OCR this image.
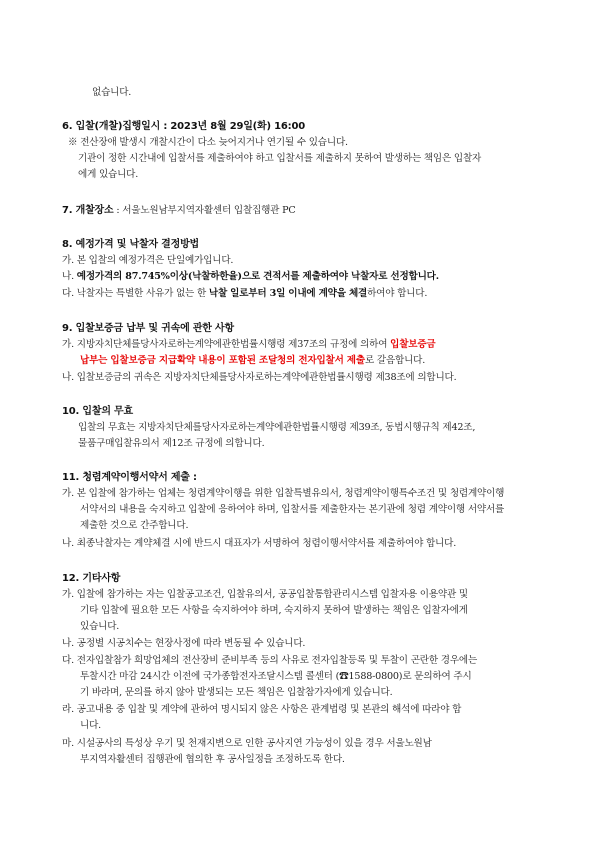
없습니다.
6. 입찰(개찰)집행일시 : 2023년 8월 29일(화) 16:00
※ 전산장애 발생시 개찰시간이 다소 늦어지거나 연기될 수 있습니다.
기관이 정한 시간내에 입찰서를 제출하여야 하고 입찰서를 제출하지 못하여 발생하는 책임은 입찰자
에게 있습니다.
7. 개찰장소 : 서울노원남부지역자활센터 입찰집행관 PC
8. 예정가격 및 낙찰자 결정방법
가. 본 입찰의 예정가격은 단일예가입니다.
나. 예정가격의 87.745%이상(낙찰하한율)으로 견적서를 제출하여야 낙찰자로 선정합니다.
다. 낙찰자는 특별한 사유가 없는 한 낙찰 일로부터 3일 이내에 계약을 체결하여야 합니다.
9. 입찰보증금 납부 및 귀속에 관한 사항
가. 지방자치단체를당사자로하는계약에관한법률시행령 제37조의 규정에 의하여 입찰보증금
납부는 입찰보증금 지급확약 내용이 포함된 조달청의 전자입찰서 제출로 갈음합니다.
나. 입찰보증금의 귀속은 지방자치단체를당사자로하는계약에관한법률시행령 제38조에 의합니다.
10. 입찰의 무효
입찰의 무효는 지방자치단체를당사자로하는계약에관한법률시행령 제39조, 동법시행규칙 제42조,
물품구매입찰유의서 제12조 규정에 의합니다.
11. 청렴계약이행서약서 제출 :
가. 본 입찰에 참가하는 업체는 청렴계약이행을 위한 입찰특별유의서, 청렴계약이행특수조건 및 청렴계약이행
서약서의 내용을 숙지하고 입찰에 응하여야 하며, 입찰서를 제출한자는 본기관에 청렴 계약이행 서약서를
제출한 것으로 간주합니다.
나. 최종낙찰자는 계약체결 시에 반드시 대표자가 서명하여 청렴이행서약서를 제출하여야 합니다.
12. 기타사항
가. 입찰에 참가하는 자는 입찰공고조건, 입찰유의서, 공공입찰통합관리시스템 입찰자용 이용약관 및
기타 입찰에 필요한 모든 사항을 숙지하여야 하며, 숙지하지 못하여 발생하는 책임은 입찰자에게
있습니다.
나. 공정별 시공치수는 현장사정에 따라 변동될 수 있습니다.
다. 전자입찰참가 희망업체의 전산장비 준비부족 등의 사유로 전자입찰등록 및 투찰이 곤란한 경우에는
투찰시간 마감 24시간 이전에 국가종합전자조달시스템 콜센터 (☎1588-0800)로 문의하여 주시
기 바라며, 문의를 하지 않아 발생되는 모든 책임은 입찰참가자에게 있습니다.
라. 공고내용 중 입찰 및 계약에 관하여 명시되지 않은 사항은 관계법령 및 본관의 해석에 따라야 합
니다.
마. 시설공사의 특성상 우기 및 천재지변으로 인한 공사지연 가능성이 있을 경우 서울노원남
부지역자활센터 집행관에 협의한 후 공사일정을 조정하도록 한다.
